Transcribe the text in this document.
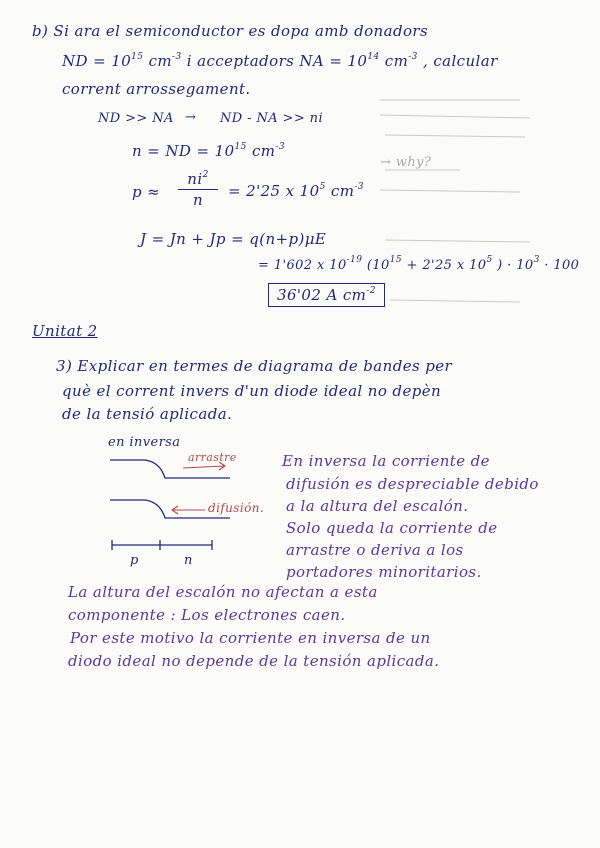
b) Si ara el semiconductor es dopa amb donadors
ND = $10^{15}$ $cm^{-3}$ i acceptadors NA = $10^{14}$ $cm^{-3}$ , calcular
corrent arrossegament.
ND >> NA → ND - NA >> ni
n = ND = $10^{15}$ $cm^{-3}$
$p \approx \frac{ni^2}{n} = 2'25$ x $10^5$ $cm^{-3}$
→ why?
J = Jn + Jp = q(n+p)μE
= 1'602 x $10^{-19}$ ($10^{15} + 2'25$ x $10^5$ ) · $10^3 \cdot 100$
36'02 A $cm^{-2}$
Unitat 2
3) Explicar en termes de diagrama de bandes per
què el corrent invers d'un diode ideal no depèn
de la tensió aplicada.
en inversa
arrastre
difusión.
p	n
En inversa la corriente de
difusión es despreciable debido
a la altura del escalón.
Solo queda la corriente de
arrastre o deriva a los
portadores minoritarios.
La altura del escalón no afectan a esta
componente : Los electrones caen.
Por este motivo la corriente en inversa de un
diodo ideal no depende de la tensión aplicada.
